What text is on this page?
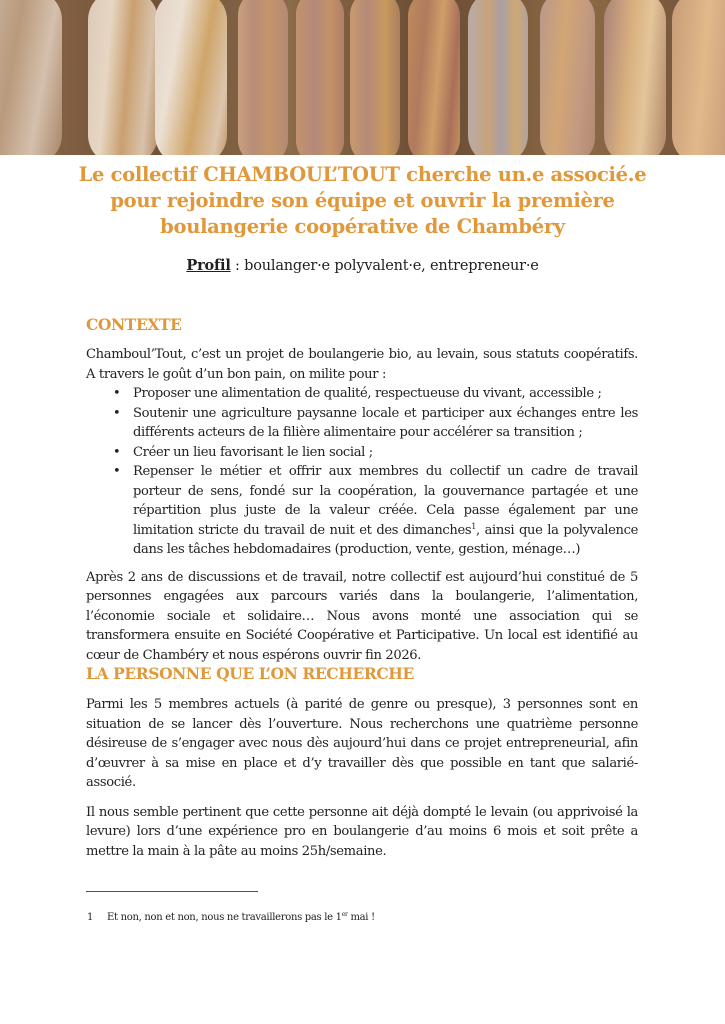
Le collectif CHAMBOUL’TOUT cherche un.e associé.e
pour rejoindre son équipe et ouvrir la première
boulangerie coopérative de Chambéry
Profil : boulanger·e polyvalent·e, entrepreneur·e
CONTEXTE

Chamboul’Tout, c’est un projet de boulangerie bio, au levain, sous statuts coopératifs. A travers le goût d’un bon pain, on milite pour :

• Proposer une alimentation de qualité, respectueuse du vivant, accessible ;
• Soutenir une agriculture paysanne locale et participer aux échanges entre les différents acteurs de la filière alimentaire pour accélérer sa transition ;
• Créer un lieu favorisant le lien social ;
• Repenser le métier et offrir aux membres du collectif un cadre de travail porteur de sens, fondé sur la coopération, la gouvernance partagée et une répartition plus juste de la valeur créée. Cela passe également par une limitation stricte du travail de nuit et des dimanches$^1$, ainsi que la polyvalence dans les tâches hebdomadaires (production, vente, gestion, ménage…)

Après 2 ans de discussions et de travail, notre collectif est aujourd’hui constitué de 5 personnes engagées aux parcours variés dans la boulangerie, l’alimentation, l’économie sociale et solidaire… Nous avons monté une association qui se transformera ensuite en Société Coopérative et Participative. Un local est identifié au cœur de Chambéry et nous espérons ouvrir fin 2026.

LA PERSONNE QUE L’ON RECHERCHE

Parmi les 5 membres actuels (à parité de genre ou presque), 3 personnes sont en situation de se lancer dès l’ouverture. Nous recherchons une quatrième personne désireuse de s’engager avec nous dès aujourd’hui dans ce projet entrepreneurial, afin d’œuvrer à sa mise en place et d’y travailler dès que possible en tant que salarié-associé.

Il nous semble pertinent que cette personne ait déjà dompté le levain (ou apprivoisé la levure) lors d’une expérience pro en boulangerie d’au moins 6 mois et soit prête a mettre la main à la pâte au moins 25h/semaine.

1 Et non, non et non, nous ne travaillerons pas le 1er mai !
